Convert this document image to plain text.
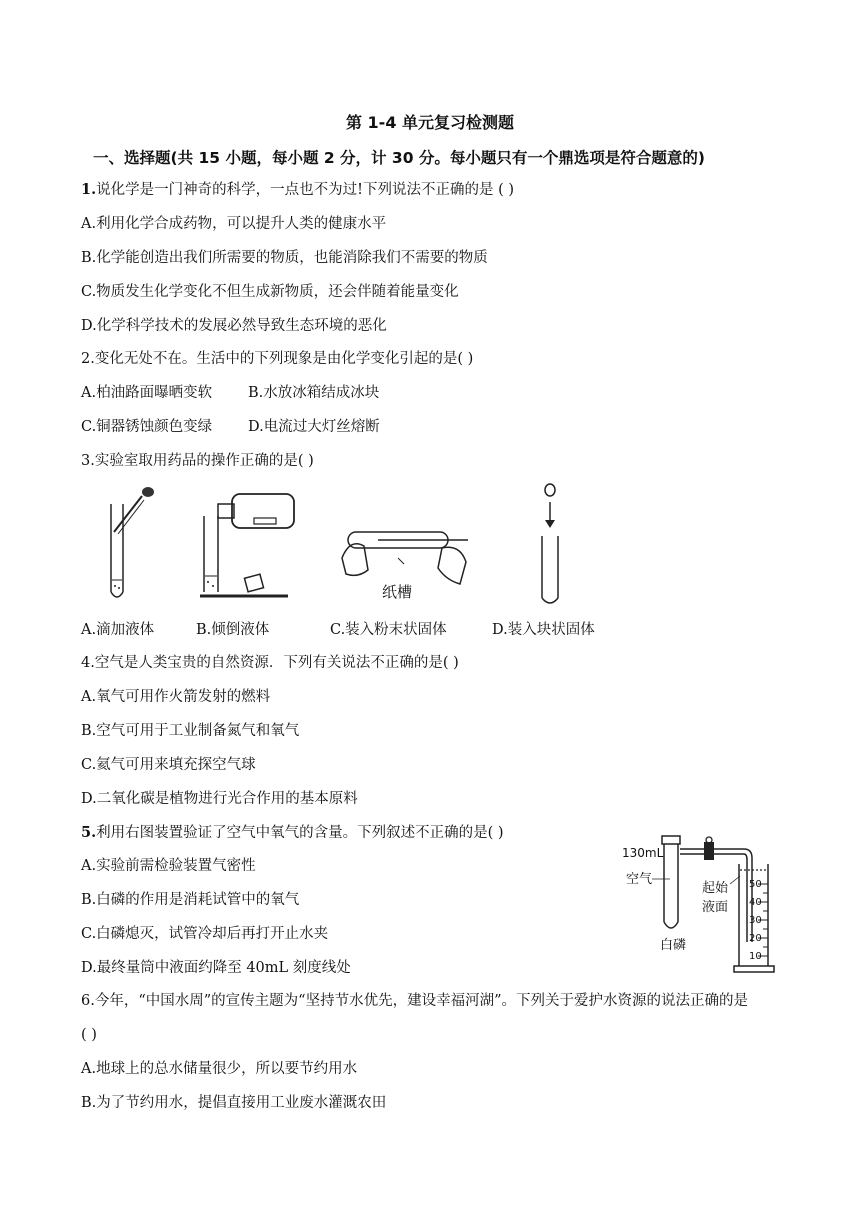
第 1-4 单元复习检测题
一、选择题(共 15 小题，每小题 2 分，计 30 分。每小题只有一个鼎选项是符合题意的)
1.说化学是一门神奇的科学，一点也不为过!下列说法不正确的是 ( )
A.利用化学合成药物，可以提升人类的健康水平
B.化学能创造出我们所需要的物质，也能消除我们不需要的物质
C.物质发生化学变化不但生成新物质，还会伴随着能量变化
D.化学科学技术的发展必然导致生态环境的恶化
2.变化无处不在。生活中的下列现象是由化学变化引起的是( )
A.柏油路面曝晒变软 B.水放冰箱结成冰块
C.铜器锈蚀颜色变绿 D.电流过大灯丝熔断
3.实验室取用药品的操作正确的是( )
纸槽
A.滴加液体	B.倾倒液体	C.装入粉末状固体	D.装入块状固体
4.空气是人类宝贵的自然资源．下列有关说法不正确的是( )
A.氧气可用作火箭发射的燃料
B.空气可用于工业制备氮气和氧气
C.氦气可用来填充探空气球
D.二氧化碳是植物进行光合作用的基本原料
5.利用右图装置验证了空气中氧气的含量。下列叙述不正确的是( )
A.实验前需检验装置气密性
B.白磷的作用是消耗试管中的氧气
C.白磷熄灭，试管冷却后再打开止水夹
D.最终量筒中液面约降至 40mL 刻度线处
130mL
空气
起始
液面
白磷
50
40
30
20
10
6.今年，“中国水周”的宣传主题为“坚持节水优先，建设幸福河湖”。下列关于爱护水资源的说法正确的是
( )
A.地球上的总水储量很少，所以要节约用水
B.为了节约用水，提倡直接用工业废水灌溉农田
